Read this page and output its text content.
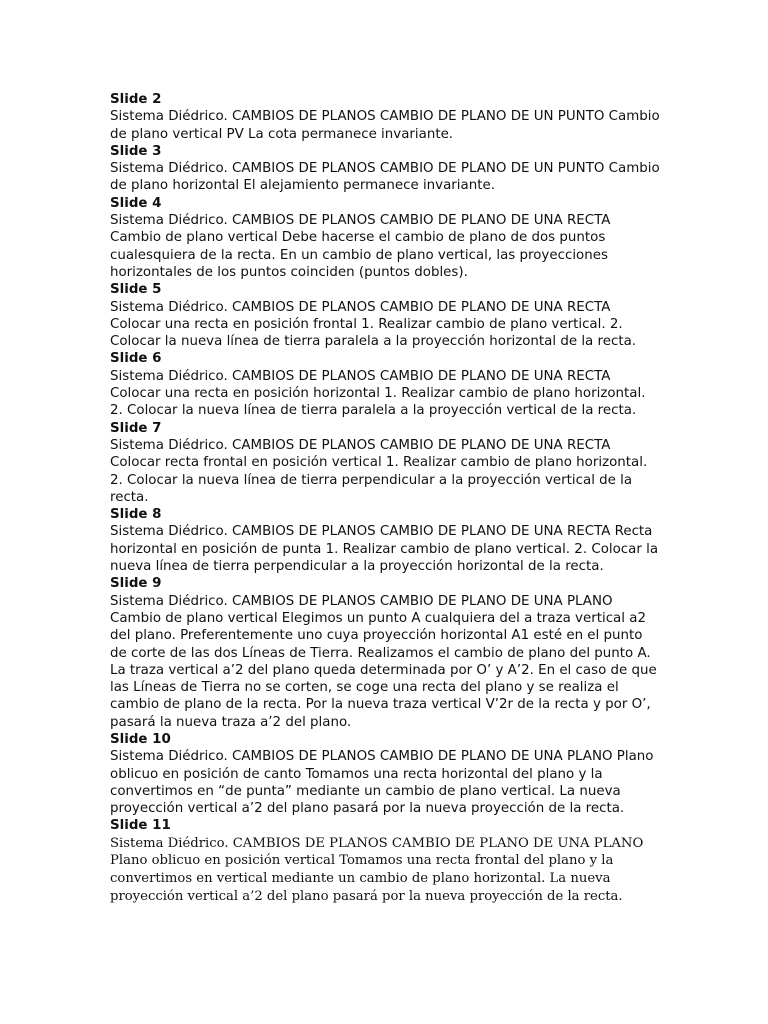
Slide 2

Sistema Diédrico. CAMBIOS DE PLANOS CAMBIO DE PLANO DE UN PUNTO Cambio de plano vertical PV La cota permanece invariante.

Slide 3

Sistema Diédrico. CAMBIOS DE PLANOS CAMBIO DE PLANO DE UN PUNTO Cambio de plano horizontal El alejamiento permanece invariante.

Slide 4

Sistema Diédrico. CAMBIOS DE PLANOS CAMBIO DE PLANO DE UNA RECTA Cambio de plano vertical Debe hacerse el cambio de plano de dos puntos cualesquiera de la recta. En un cambio de plano vertical, las proyecciones horizontales de los puntos coinciden (puntos dobles).

Slide 5

Sistema Diédrico. CAMBIOS DE PLANOS CAMBIO DE PLANO DE UNA RECTA Colocar una recta en posición frontal 1. Realizar cambio de plano vertical. 2. Colocar la nueva línea de tierra paralela a la proyección horizontal de la recta.

Slide 6

Sistema Diédrico. CAMBIOS DE PLANOS CAMBIO DE PLANO DE UNA RECTA Colocar una recta en posición horizontal 1. Realizar cambio de plano horizontal. 2. Colocar la nueva línea de tierra paralela a la proyección vertical de la recta.

Slide 7

Sistema Diédrico. CAMBIOS DE PLANOS CAMBIO DE PLANO DE UNA RECTA Colocar recta frontal en posición vertical 1. Realizar cambio de plano horizontal. 2. Colocar la nueva línea de tierra perpendicular a la proyección vertical de la recta.

Slide 8

Sistema Diédrico. CAMBIOS DE PLANOS CAMBIO DE PLANO DE UNA RECTA Recta horizontal en posición de punta 1. Realizar cambio de plano vertical. 2. Colocar la nueva línea de tierra perpendicular a la proyección horizontal de la recta.

Slide 9

Sistema Diédrico. CAMBIOS DE PLANOS CAMBIO DE PLANO DE UNA PLANO Cambio de plano vertical Elegimos un punto A cualquiera del a traza vertical a2 del plano. Preferentemente uno cuya proyección horizontal A1 esté en el punto de corte de las dos Líneas de Tierra. Realizamos el cambio de plano del punto A. La traza vertical a’2 del plano queda determinada por O’ y A’2. En el caso de que las Líneas de Tierra no se corten, se coge una recta del plano y se realiza el cambio de plano de la recta. Por la nueva traza vertical V’2r de la recta y por O’, pasará la nueva traza a’2 del plano.

Slide 10

Sistema Diédrico. CAMBIOS DE PLANOS CAMBIO DE PLANO DE UNA PLANO Plano oblicuo en posición de canto Tomamos una recta horizontal del plano y la convertimos en “de punta” mediante un cambio de plano vertical. La nueva proyección vertical a’2 del plano pasará por la nueva proyección de la recta.

Slide 11

Sistema Diédrico. CAMBIOS DE PLANOS CAMBIO DE PLANO DE UNA PLANO Plano oblicuo en posición vertical Tomamos una recta frontal del plano y la convertimos en vertical mediante un cambio de plano horizontal. La nueva proyección vertical a’2 del plano pasará por la nueva proyección de la recta.
